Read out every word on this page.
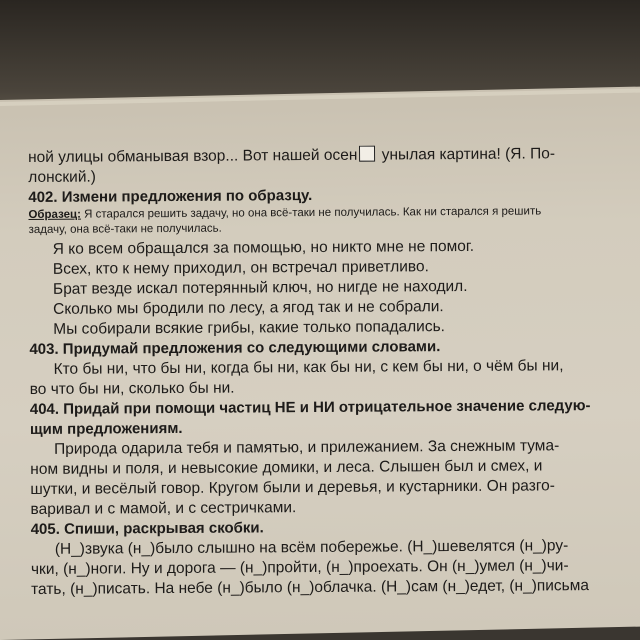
ной улицы обманывая взор... Вот нашей осен унылая картина! (Я. По-
лонский.)
402. Измени предложения по образцу.
Образец: Я старался решить задачу, но она всё-таки не получилась. Как ни старался я решить
задачу, она всё-таки не получилась.
Я ко всем обращался за помощью, но никто мне не помог.
Всех, кто к нему приходил, он встречал приветливо.
Брат везде искал потерянный ключ, но нигде не находил.
Сколько мы бродили по лесу, а ягод так и не собрали.
Мы собирали всякие грибы, какие только попадались.
403. Придумай предложения со следующими словами.
Кто бы ни, что бы ни, когда бы ни, как бы ни, с кем бы ни, о чём бы ни,
во что бы ни, сколько бы ни.
404. Придай при помощи частиц НЕ и НИ отрицательное значение следую-
щим предложениям.
Природа одарила тебя и памятью, и прилежанием. За снежным тума-
ном видны и поля, и невысокие домики, и леса. Слышен был и смех, и
шутки, и весёлый говор. Кругом были и деревья, и кустарники. Он разго-
варивал и с мамой, и с сестричками.
405. Спиши, раскрывая скобки.
(Н_)звука (н_)было слышно на всём побережье. (Н_)шевелятся (н_)ру-
чки, (н_)ноги. Ну и дорога — (н_)пройти, (н_)проехать. Он (н_)умел (н_)чи-
тать, (н_)писать. На небе (н_)было (н_)облачка. (Н_)сам (н_)едет, (н_)письма
